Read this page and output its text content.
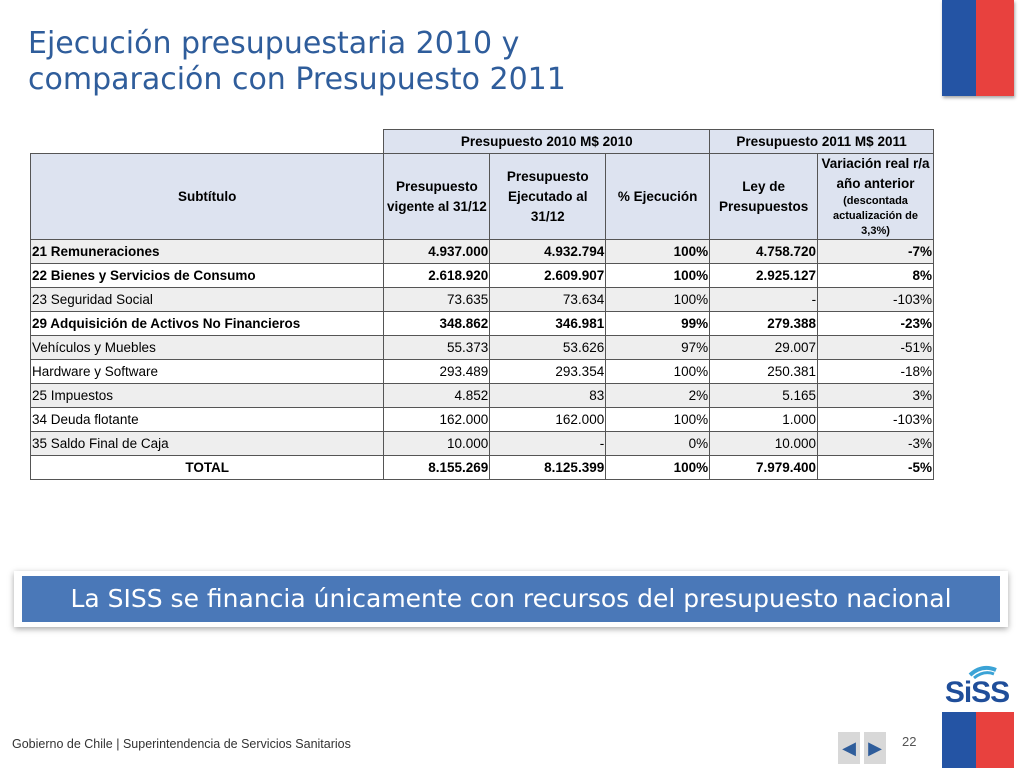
Ejecución presupuestaria 2010 y
comparación con Presupuesto 2011
	Presupuesto 2010 M$ 2010			Presupuesto 2011 M$ 2011	
Subtítulo	Presupuesto vigente al 31/12	Presupuesto Ejecutado al 31/12	% Ejecución	Ley de Presupuestos	Variación real r/a año anterior
(descontada actualización de 3,3%)

21 Remuneraciones	4.937.000	4.932.794	100%	4.758.720	-7%
22 Bienes y Servicios de Consumo	2.618.920	2.609.907	100%	2.925.127	8%
23 Seguridad Social	73.635	73.634	100%	-	-103%
29 Adquisición de Activos No Financieros	348.862	346.981	99%	279.388	-23%
Vehículos y Muebles	55.373	53.626	97%	29.007	-51%
Hardware y Software	293.489	293.354	100%	250.381	-18%
25 Impuestos	4.852	83	2%	5.165	3%
34 Deuda flotante	162.000	162.000	100%	1.000	-103%
35 Saldo Final de Caja	10.000	-	0%	10.000	-3%
TOTAL	8.155.269	8.125.399	100%	7.979.400	-5%
La SISS se financia únicamente con recursos del presupuesto nacional
SiSS
Gobierno de Chile | Superintendencia de Servicios Sanitarios	◀ ▶	22
